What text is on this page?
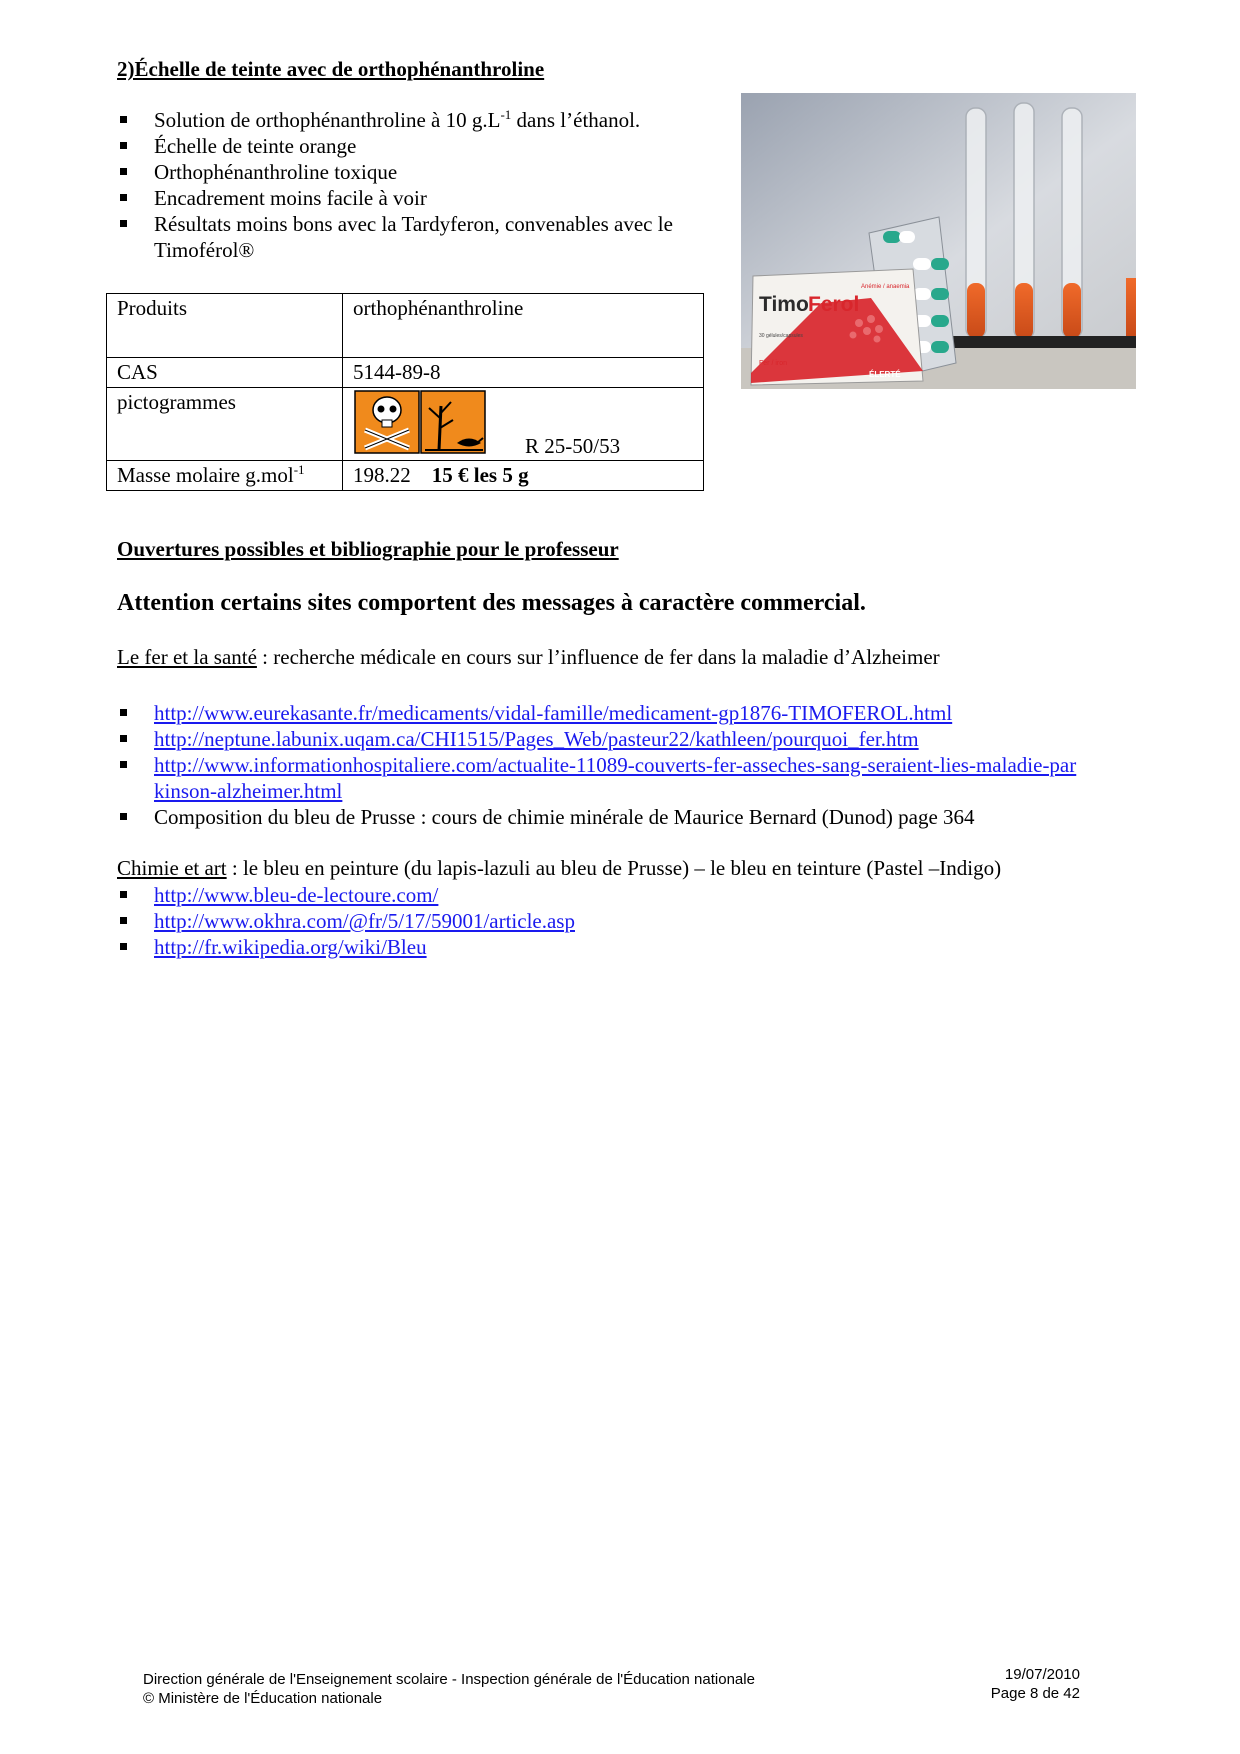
2)Échelle de teinte avec de orthophénanthroline
Solution de orthophénanthroline à 10 $g.L^{-1}$ dans l’éthanol.
Échelle de teinte orange
Orthophénanthroline toxique
Encadrement moins facile à voir
Résultats moins bons avec la Tardyferon, convenables avec le Timoférol®
Produits	orthophénanthroline
CAS	5144-89-8
pictogrammes	R 25-50/53

Masse molaire g.mol$^{-1}$	198.22 15 € les 5 g
Timo Ferol
Anémie / anaemia
30 gélules/capsules
Fer / iron
ÉLERTÉ
Ouvertures possibles et bibliographie pour le professeur
Attention certains sites comportent des messages à caractère commercial.
Le fer et la santé : recherche médicale en cours sur l’influence de fer dans la maladie d’Alzheimer
http://www.eurekasante.fr/medicaments/vidal-famille/medicament-gp1876-TIMOFEROL.html
http://neptune.labunix.uqam.ca/CHI1515/Pages_Web/pasteur22/kathleen/pourquoi_fer.htm
http://www.informationhospitaliere.com/actualite-11089-couverts-fer-asseches-sang-seraient-lies-maladie-parkinson-alzheimer.html
Composition du bleu de Prusse : cours de chimie minérale de Maurice Bernard (Dunod) page 364
Chimie et art : le bleu en peinture (du lapis-lazuli au bleu de Prusse) – le bleu en teinture (Pastel –Indigo)
http://www.bleu-de-lectoure.com/
http://www.okhra.com/@fr/5/17/59001/article.asp
http://fr.wikipedia.org/wiki/Bleu
Direction générale de l'Enseignement scolaire - Inspection générale de l'Éducation nationale
© Ministère de l'Éducation nationale
19/07/2010
Page 8 de 42
